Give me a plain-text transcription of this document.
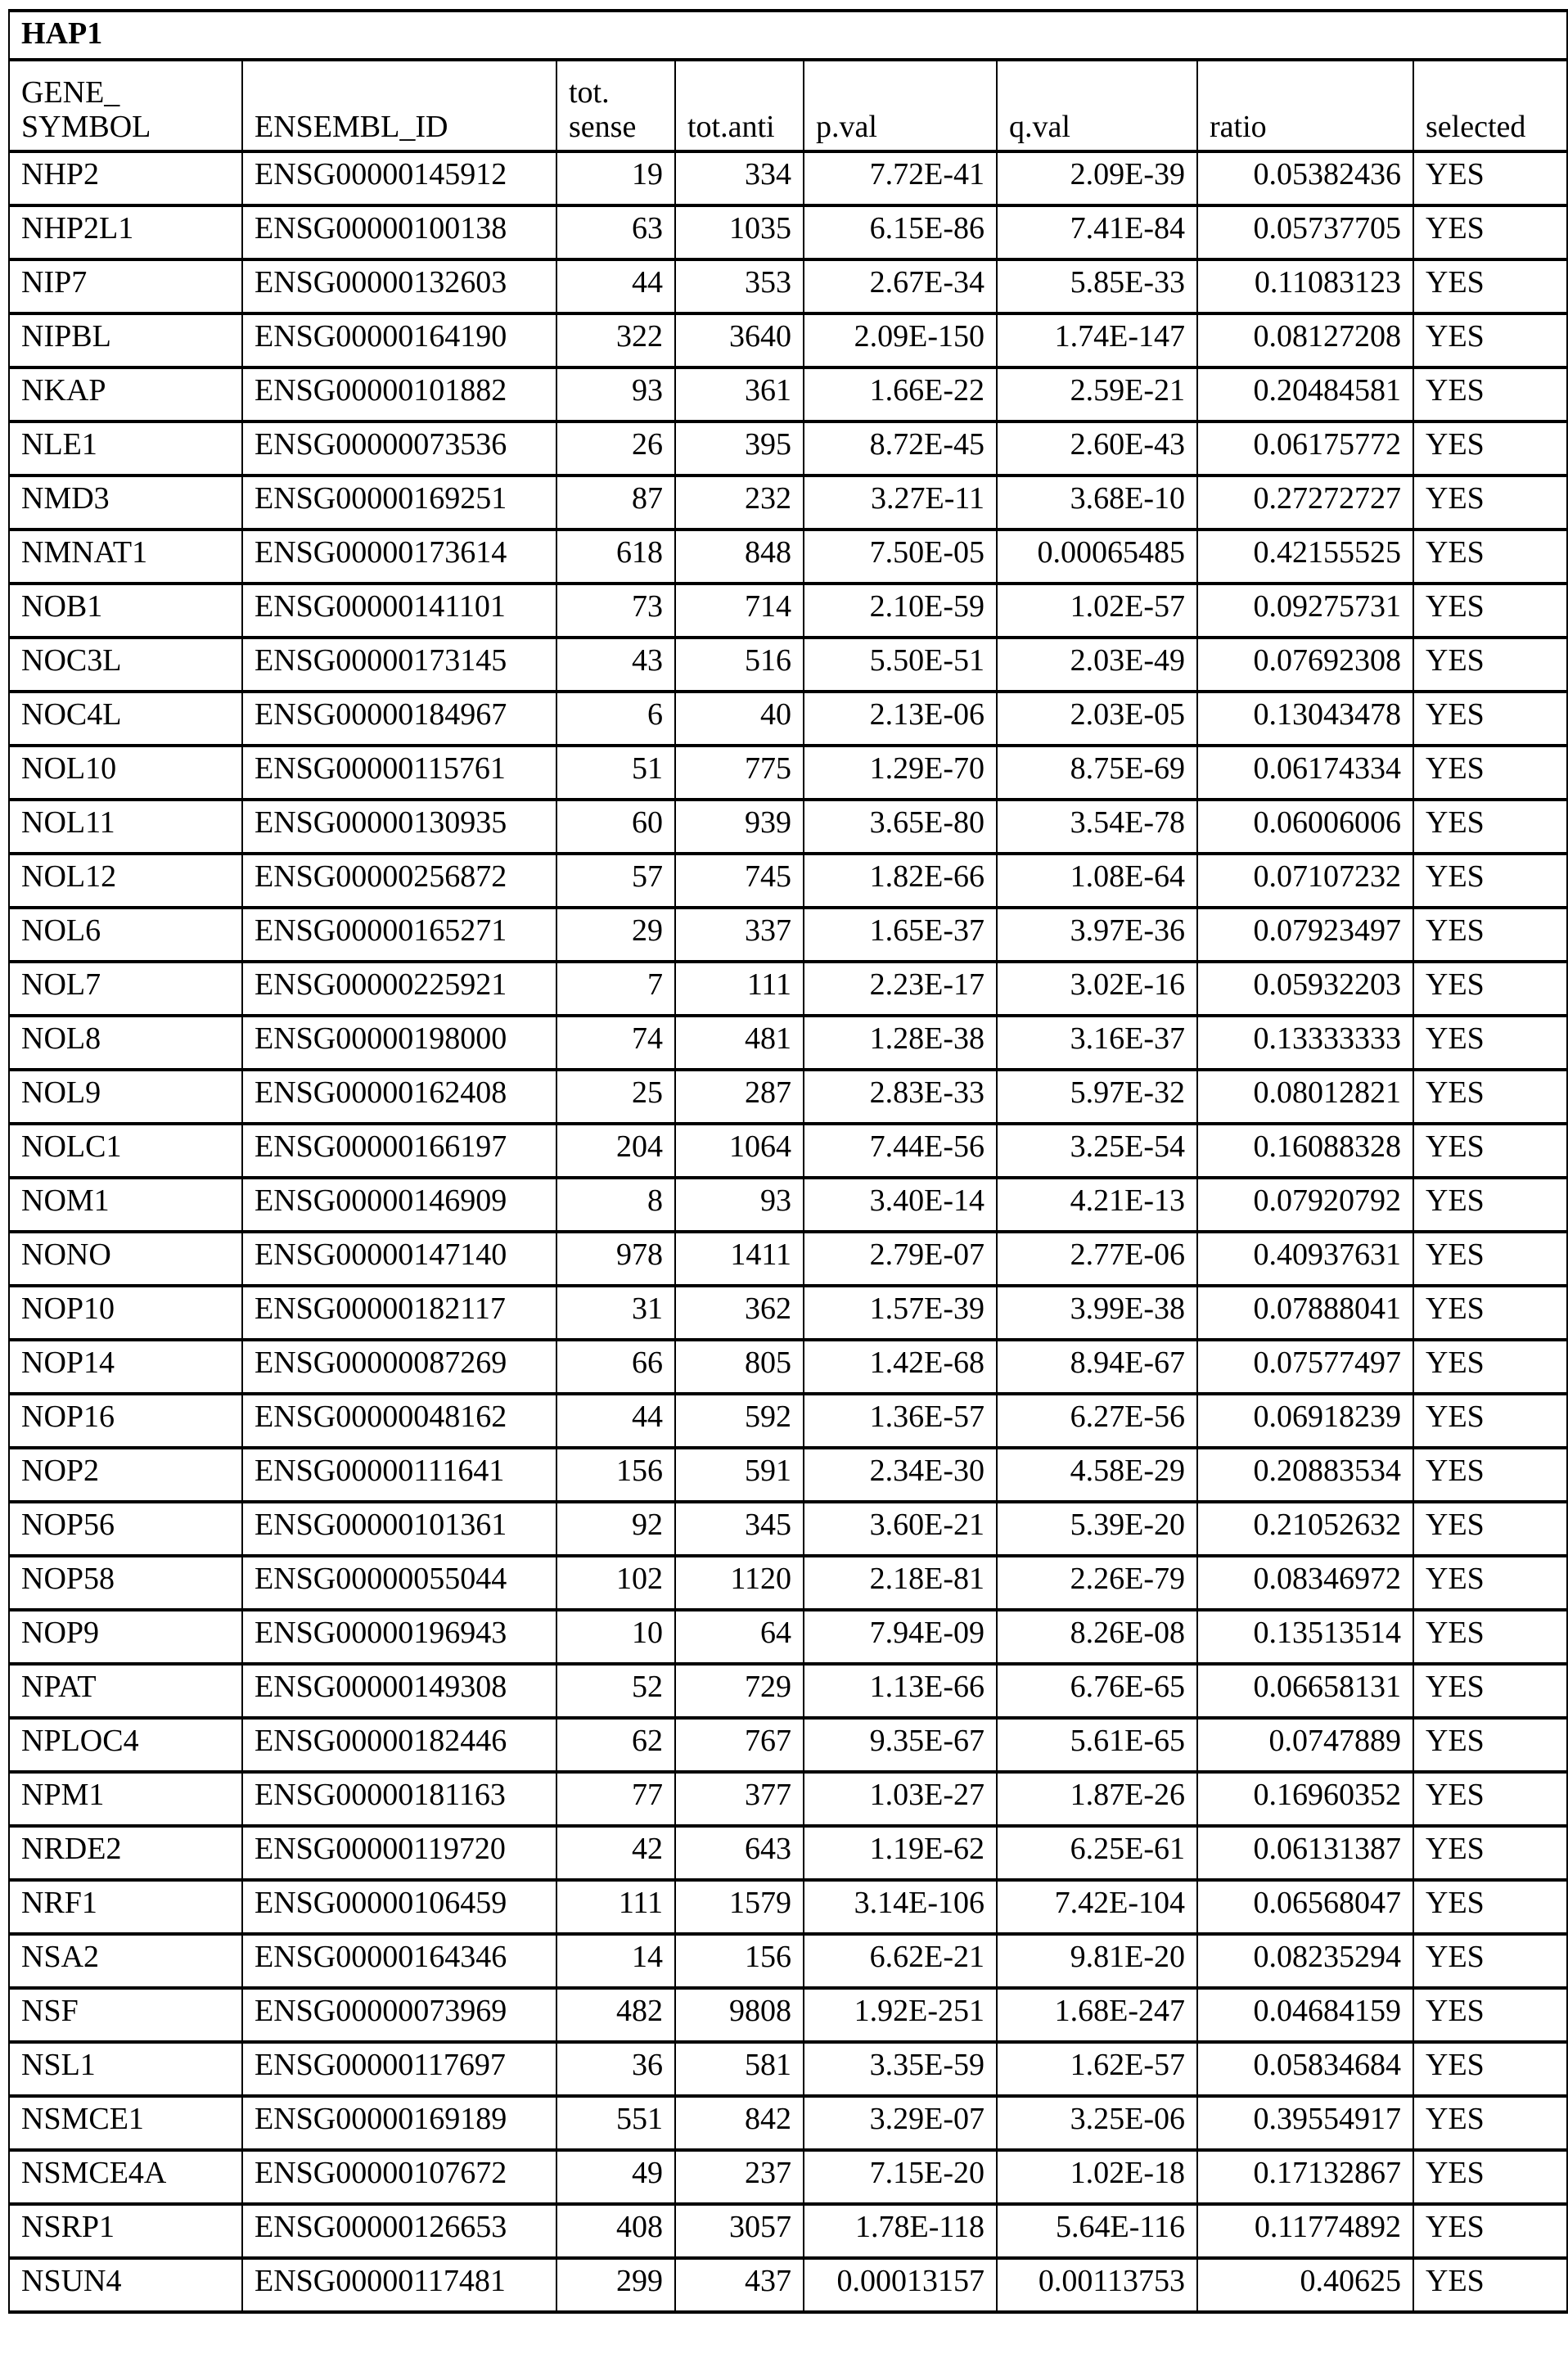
HAP1
GENE_ SYMBOL	ENSEMBL_ID	tot. sense	tot.anti	p.val	q.val	ratio	selected
NHP2	ENSG00000145912	19	334	7.72E-41	2.09E-39	0.05382436	YES
NHP2L1	ENSG00000100138	63	1035	6.15E-86	7.41E-84	0.05737705	YES
NIP7	ENSG00000132603	44	353	2.67E-34	5.85E-33	0.11083123	YES
NIPBL	ENSG00000164190	322	3640	2.09E-150	1.74E-147	0.08127208	YES
NKAP	ENSG00000101882	93	361	1.66E-22	2.59E-21	0.20484581	YES
NLE1	ENSG00000073536	26	395	8.72E-45	2.60E-43	0.06175772	YES
NMD3	ENSG00000169251	87	232	3.27E-11	3.68E-10	0.27272727	YES
NMNAT1	ENSG00000173614	618	848	7.50E-05	0.00065485	0.42155525	YES
NOB1	ENSG00000141101	73	714	2.10E-59	1.02E-57	0.09275731	YES
NOC3L	ENSG00000173145	43	516	5.50E-51	2.03E-49	0.07692308	YES
NOC4L	ENSG00000184967	6	40	2.13E-06	2.03E-05	0.13043478	YES
NOL10	ENSG00000115761	51	775	1.29E-70	8.75E-69	0.06174334	YES
NOL11	ENSG00000130935	60	939	3.65E-80	3.54E-78	0.06006006	YES
NOL12	ENSG00000256872	57	745	1.82E-66	1.08E-64	0.07107232	YES
NOL6	ENSG00000165271	29	337	1.65E-37	3.97E-36	0.07923497	YES
NOL7	ENSG00000225921	7	111	2.23E-17	3.02E-16	0.05932203	YES
NOL8	ENSG00000198000	74	481	1.28E-38	3.16E-37	0.13333333	YES
NOL9	ENSG00000162408	25	287	2.83E-33	5.97E-32	0.08012821	YES
NOLC1	ENSG00000166197	204	1064	7.44E-56	3.25E-54	0.16088328	YES
NOM1	ENSG00000146909	8	93	3.40E-14	4.21E-13	0.07920792	YES
NONO	ENSG00000147140	978	1411	2.79E-07	2.77E-06	0.40937631	YES
NOP10	ENSG00000182117	31	362	1.57E-39	3.99E-38	0.07888041	YES
NOP14	ENSG00000087269	66	805	1.42E-68	8.94E-67	0.07577497	YES
NOP16	ENSG00000048162	44	592	1.36E-57	6.27E-56	0.06918239	YES
NOP2	ENSG00000111641	156	591	2.34E-30	4.58E-29	0.20883534	YES
NOP56	ENSG00000101361	92	345	3.60E-21	5.39E-20	0.21052632	YES
NOP58	ENSG00000055044	102	1120	2.18E-81	2.26E-79	0.08346972	YES
NOP9	ENSG00000196943	10	64	7.94E-09	8.26E-08	0.13513514	YES
NPAT	ENSG00000149308	52	729	1.13E-66	6.76E-65	0.06658131	YES
NPLOC4	ENSG00000182446	62	767	9.35E-67	5.61E-65	0.0747889	YES
NPM1	ENSG00000181163	77	377	1.03E-27	1.87E-26	0.16960352	YES
NRDE2	ENSG00000119720	42	643	1.19E-62	6.25E-61	0.06131387	YES
NRF1	ENSG00000106459	111	1579	3.14E-106	7.42E-104	0.06568047	YES
NSA2	ENSG00000164346	14	156	6.62E-21	9.81E-20	0.08235294	YES
NSF	ENSG00000073969	482	9808	1.92E-251	1.68E-247	0.04684159	YES
NSL1	ENSG00000117697	36	581	3.35E-59	1.62E-57	0.05834684	YES
NSMCE1	ENSG00000169189	551	842	3.29E-07	3.25E-06	0.39554917	YES
NSMCE4A	ENSG00000107672	49	237	7.15E-20	1.02E-18	0.17132867	YES
NSRP1	ENSG00000126653	408	3057	1.78E-118	5.64E-116	0.11774892	YES
NSUN4	ENSG00000117481	299	437	0.00013157	0.00113753	0.40625	YES
